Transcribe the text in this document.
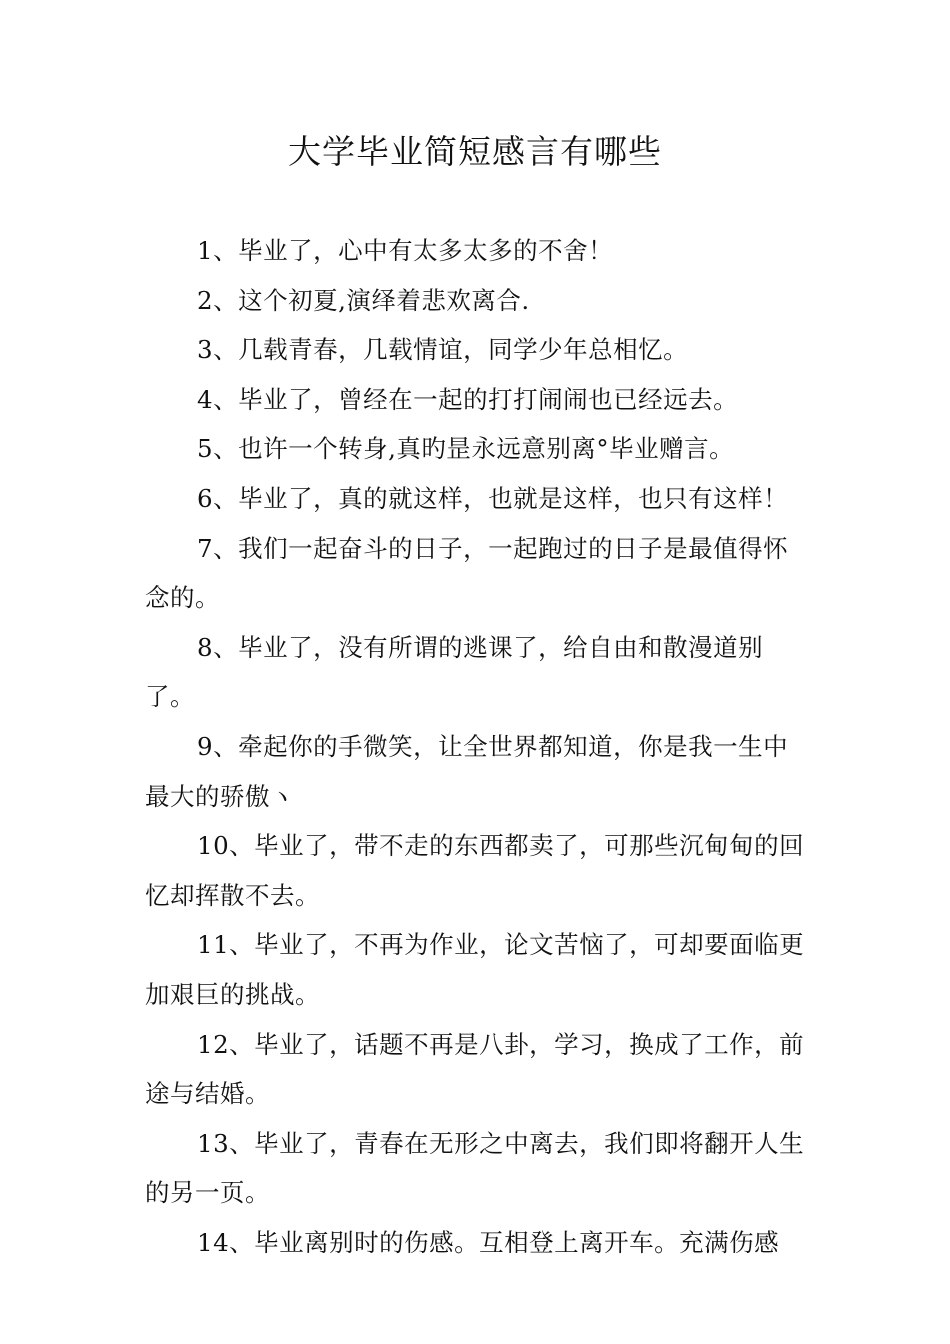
大学毕业简短感言有哪些

1、毕业了，心中有太多太多的不舍！

2、这个初夏,演绎着悲欢离合.

3、几载青春，几载情谊，同学少年总相忆。

4、毕业了，曾经在一起的打打闹闹也已经远去。

5、也许一个转身,真旳昰永远意别离°毕业赠言。

6、毕业了，真的就这样，也就是这样，也只有这样！

7、我们一起奋斗的日子，一起跑过的日子是最值得怀念的。

8、毕业了，没有所谓的逃课了，给自由和散漫道别了。

9、牵起你的手微笑，让全世界都知道，你是我一生中最大的骄傲ヽ

10、毕业了，带不走的东西都卖了，可那些沉甸甸的回忆却挥散不去。

11、毕业了，不再为作业，论文苦恼了，可却要面临更加艰巨的挑战。

12、毕业了，话题不再是八卦，学习，换成了工作，前途与结婚。

13、毕业了，青春在无形之中离去，我们即将翻开人生的另一页。

14、毕业离别时的伤感。互相登上离开车。充满伤感
